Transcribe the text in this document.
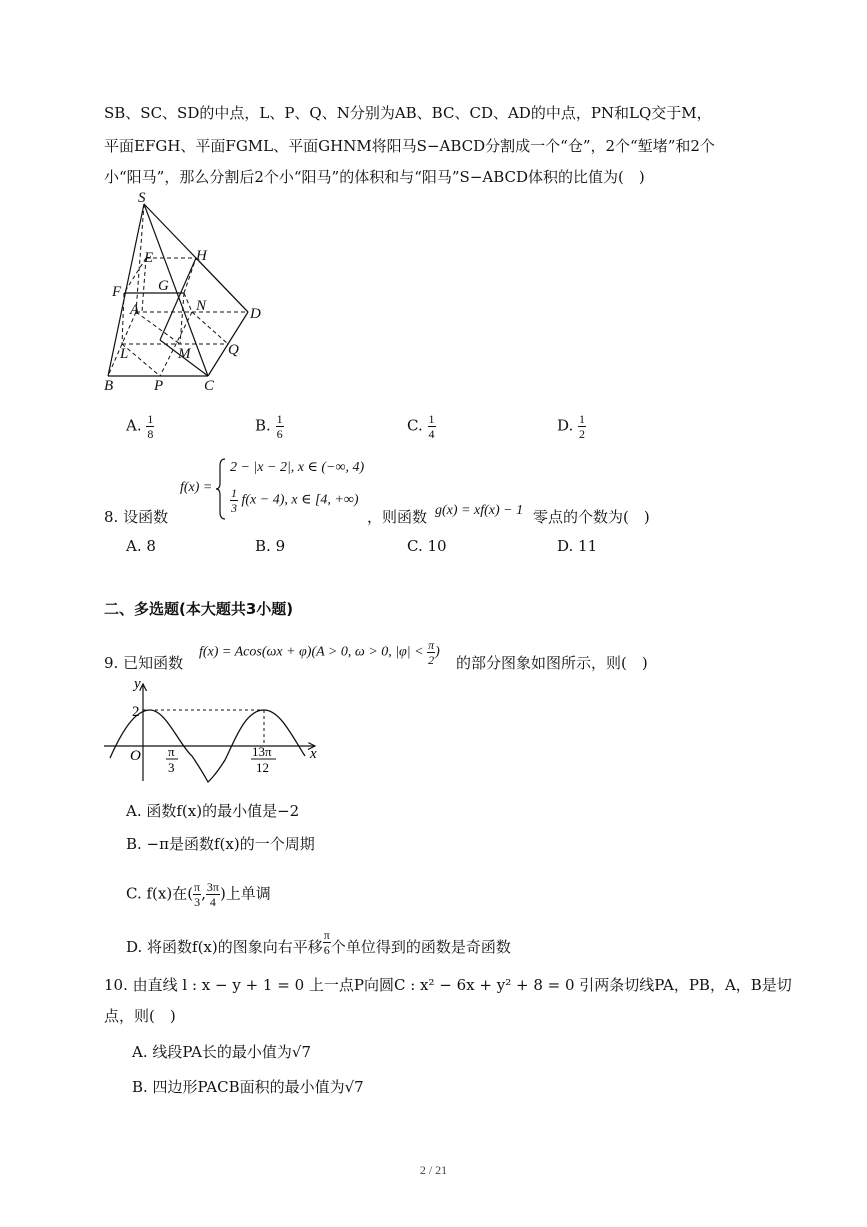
SB、SC、SD的中点，L、P、Q、N分别为AB、BC、CD、AD的中点，PN和LQ交于M，
平面EFGH、平面FGML、平面GHNM将阳马S−ABCD分割成一个“仓”，2个“堑堵”和2个
小“阳马”，那么分割后2个小“阳马”的体积和与“阳马”S−ABCD体积的比值为(　)
S
E	H
F G
N
A	D
L	M	Q
B	P	C
A. $\frac{1}{8}$	B. $\frac{1}{6}$	C. $\frac{1}{4}$	D. $\frac{1}{2}$
8. 设函数
f(x) =
2 − |x − 2|, x ∈ (−∞, 4)
$\frac{1}{3} f(x - 4)$, x ∈ [4, +∞)
，则函数 g(x) = xf(x) − 1 零点的个数为(　)
A. 8	B. 9	C. 10	D. 11
二、多选题(本大题共3小题)
9. 已知函数
f(x) = Acos(ωx + φ)(A > 0, ω > 0, $|\varphi| < \frac{\pi}{2}$ )
的部分图象如图所示，则(　)
y
x
O
2
π
3
13π
12
A. 函数f(x)的最小值是−2
B. −π是函数f(x)的一个周期
C. f(x)在( $\frac{\pi}{3}$ , $\frac{3\pi}{4}$ )上单调
D. 将函数f(x)的图象向右平移 $\frac{\pi}{6}$ 个单位得到的函数是奇函数
10. 由直线 l : x − y + 1 = 0 上一点P向圆C : x² − 6x + y² + 8 = 0 引两条切线PA，PB，A，B是切
点，则(　)
A. 线段PA长的最小值为√7
B. 四边形PACB面积的最小值为√7
2 / 21
